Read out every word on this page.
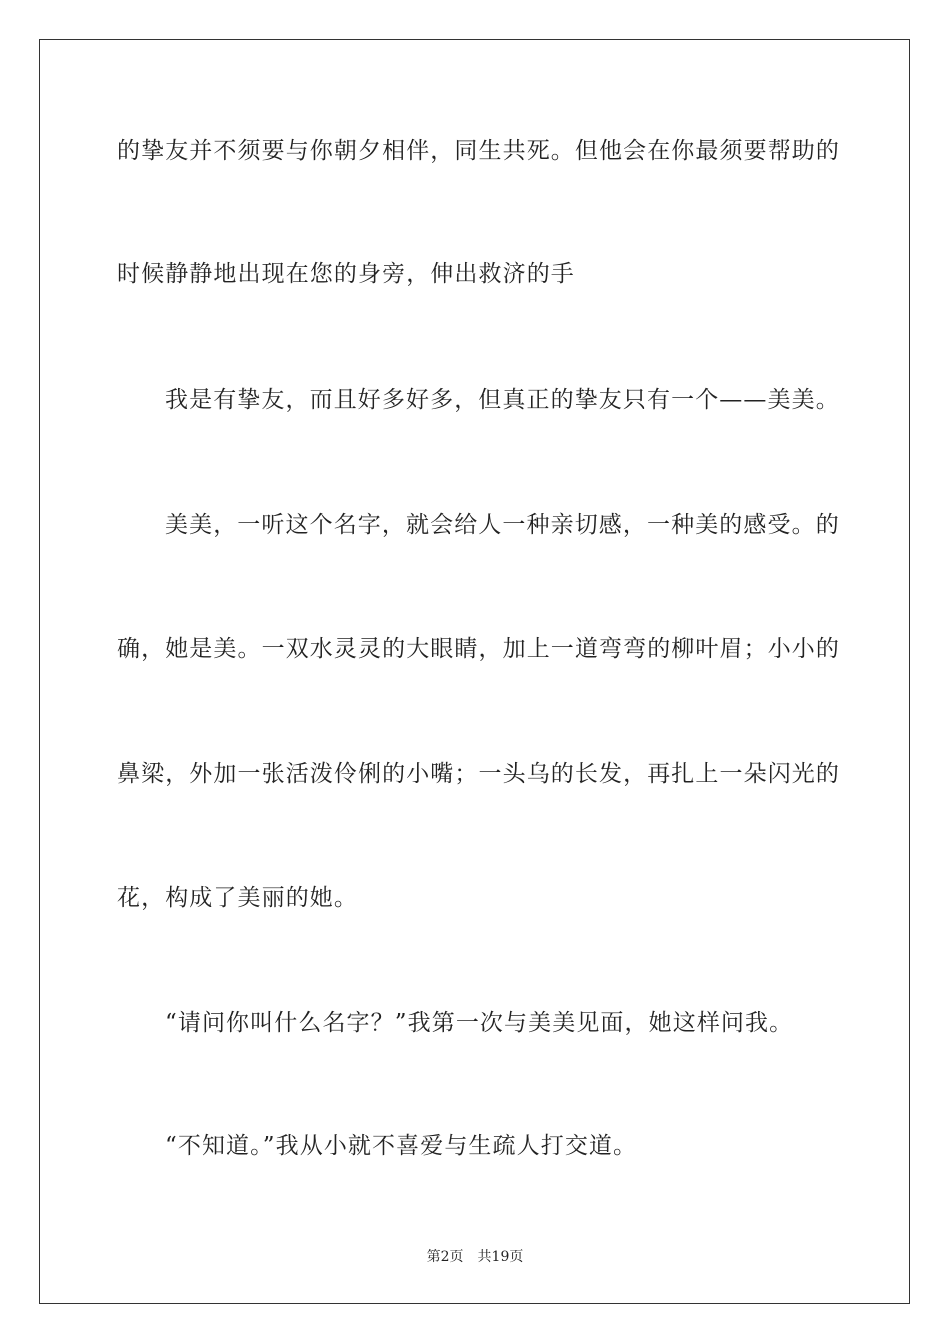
的挚友并不须要与你朝夕相伴，同生共死。但他会在你最须要帮助的
时候静静地出现在您的身旁，伸出救济的手
我是有挚友，而且好多好多，但真正的挚友只有一个——美美。
美美，一听这个名字，就会给人一种亲切感，一种美的感受。的
确，她是美。一双水灵灵的大眼睛，加上一道弯弯的柳叶眉；小小的
鼻梁，外加一张活泼伶俐的小嘴；一头乌的长发，再扎上一朵闪光的
花，构成了美丽的她。
“请问你叫什么名字？”我第一次与美美见面，她这样问我。
“不知道。”我从小就不喜爱与生疏人打交道。
第2页 共19页
